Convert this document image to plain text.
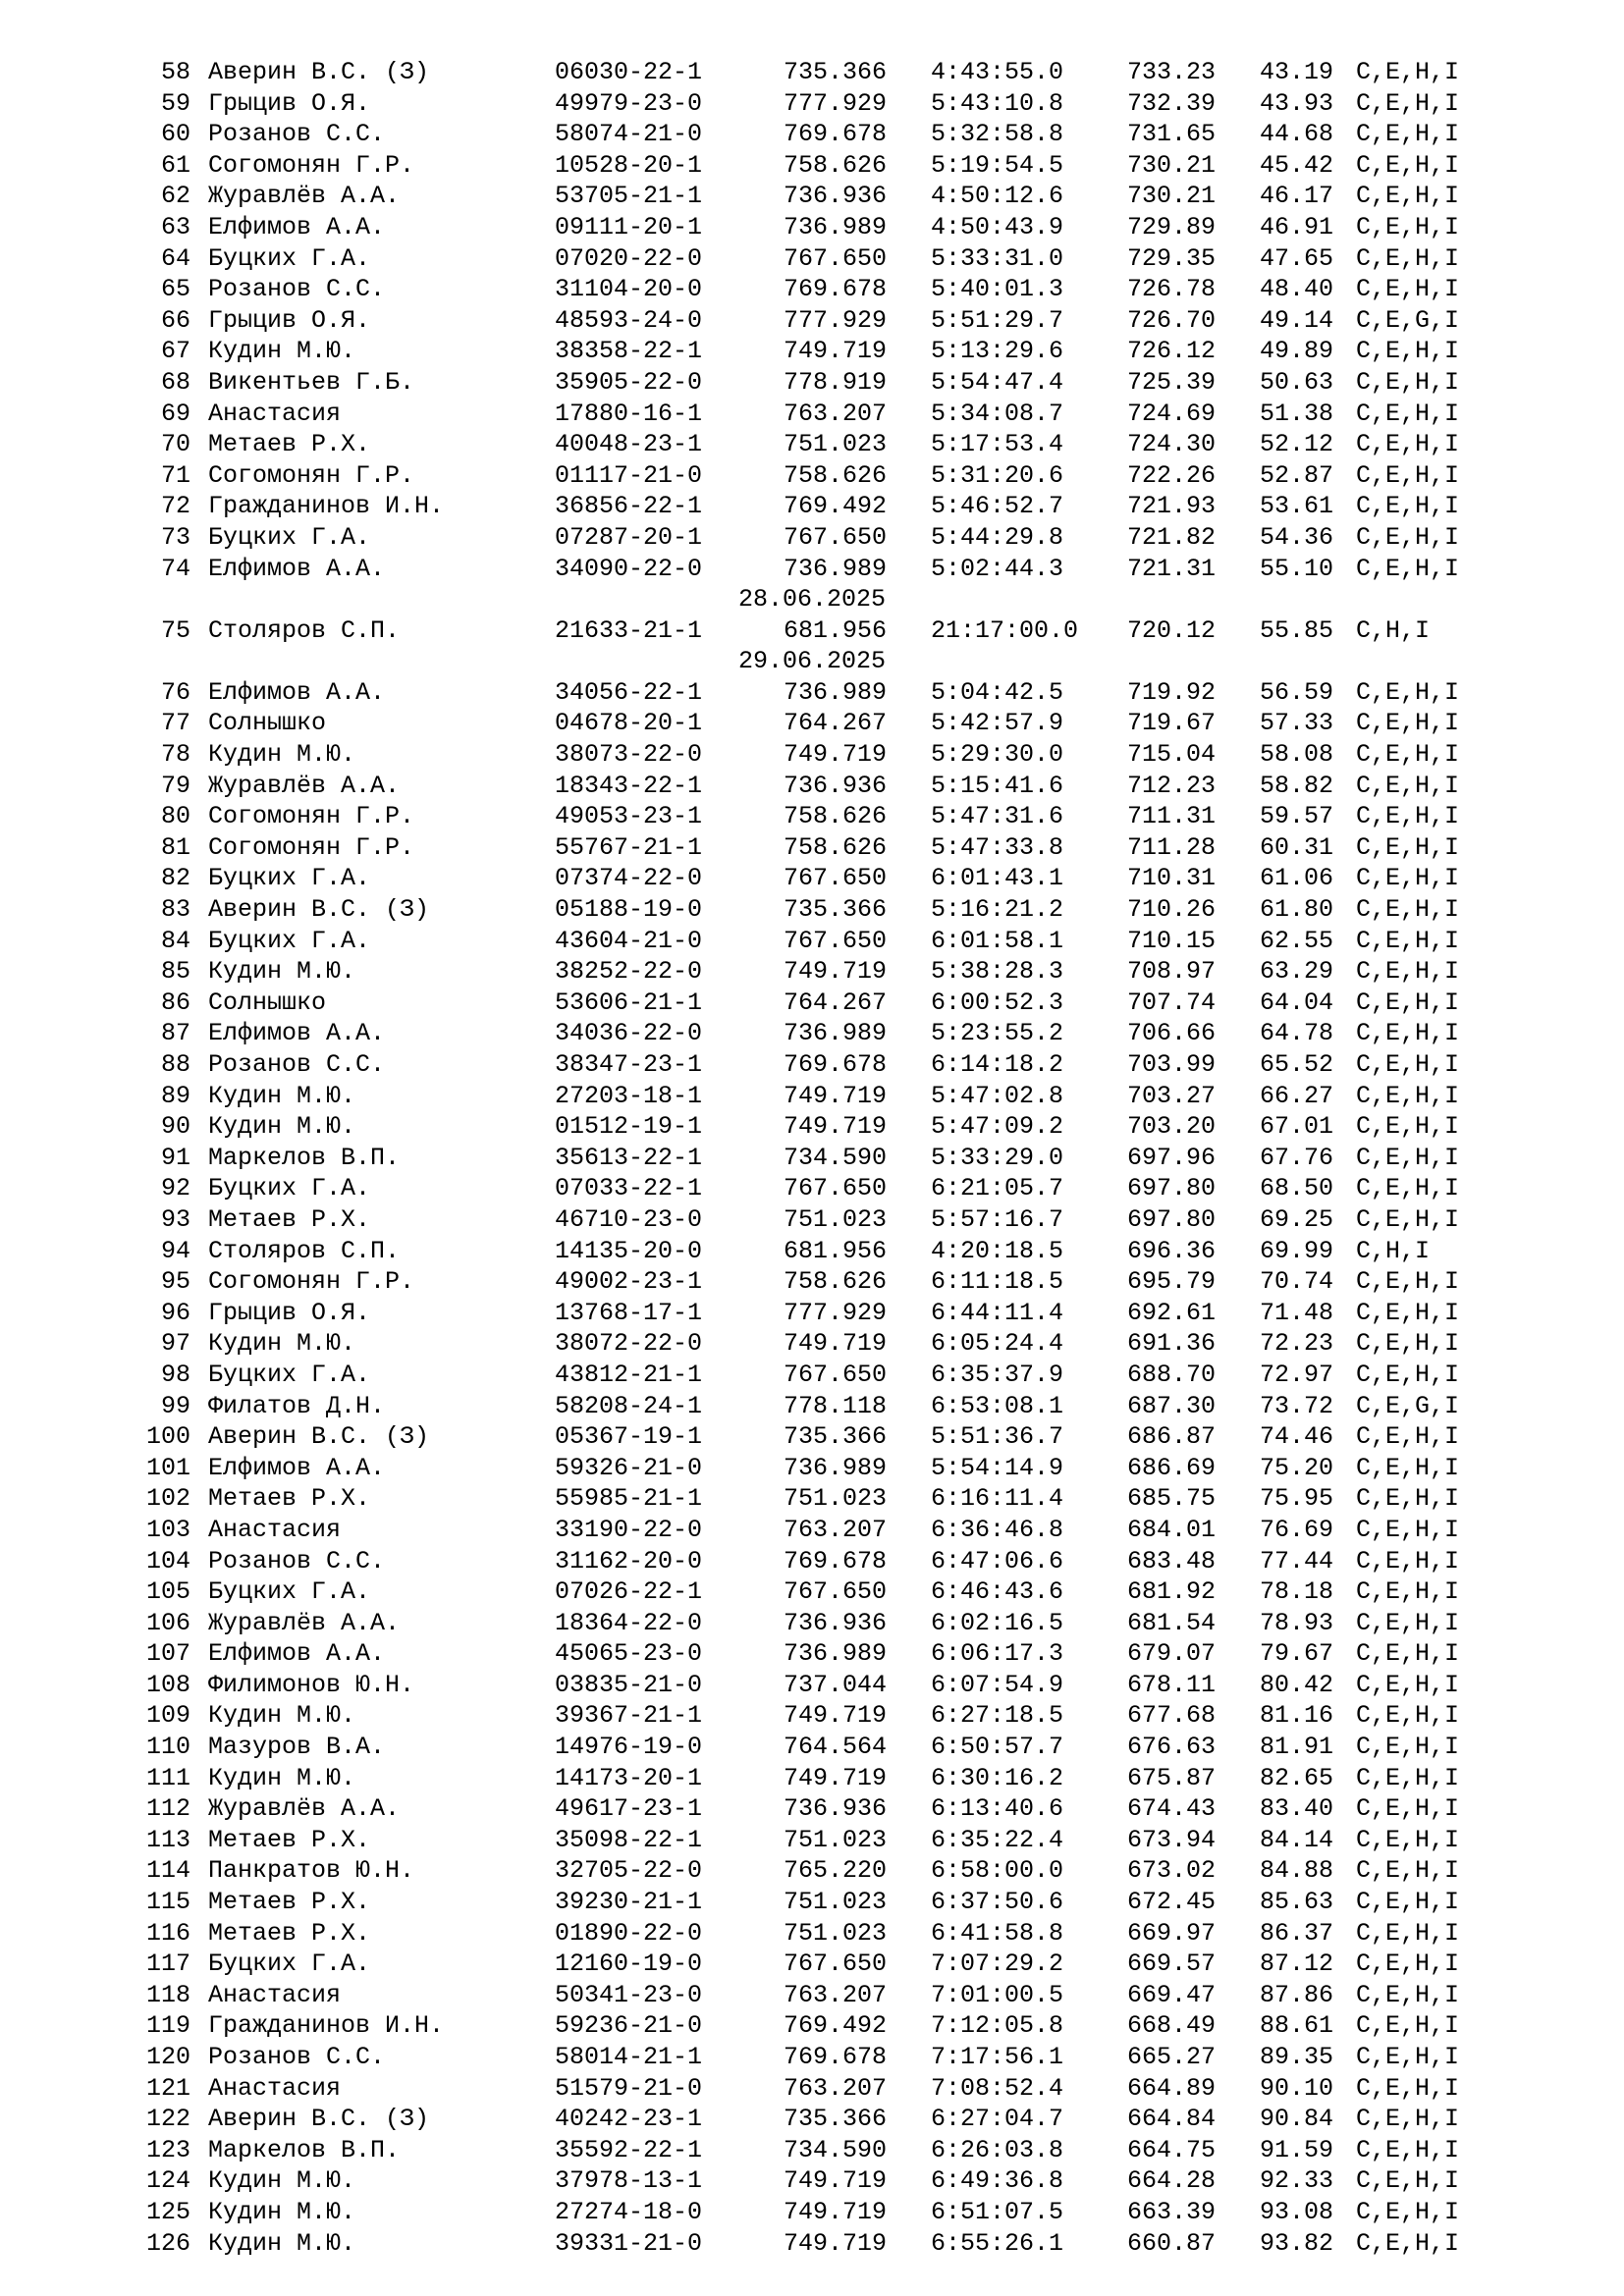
58 Аверин В.С. (З)	06030-22-1	735.366 4:43:55.0	733.23 43.19 C,E,H,I
59 Грыцив О.Я.	49979-23-0	777.929 5:43:10.8	732.39 43.93 C,E,H,I
60 Розанов С.С.	58074-21-0	769.678 5:32:58.8	731.65 44.68 C,E,H,I
61 Согомонян Г.Р.	10528-20-1	758.626 5:19:54.5	730.21 45.42 C,E,H,I
62 Журавлёв А.А.	53705-21-1	736.936 4:50:12.6	730.21 46.17 C,E,H,I
63 Елфимов А.А.	09111-20-1	736.989 4:50:43.9	729.89 46.91 C,E,H,I
64 Буцких Г.А.	07020-22-0	767.650 5:33:31.0	729.35 47.65 C,E,H,I
65 Розанов С.С.	31104-20-0	769.678 5:40:01.3	726.78 48.40 C,E,H,I
66 Грыцив О.Я.	48593-24-0	777.929 5:51:29.7	726.70 49.14 C,E,G,I
67 Кудин М.Ю.	38358-22-1	749.719 5:13:29.6	726.12 49.89 C,E,H,I
68 Викентьев Г.Б.	35905-22-0	778.919 5:54:47.4	725.39 50.63 C,E,H,I
69 Анастасия	17880-16-1	763.207 5:34:08.7	724.69 51.38 C,E,H,I
70 Метаев Р.Х.	40048-23-1	751.023 5:17:53.4	724.30 52.12 C,E,H,I
71 Согомонян Г.Р.	01117-21-0	758.626 5:31:20.6	722.26 52.87 C,E,H,I
72 Гражданинов И.Н.	36856-22-1	769.492 5:46:52.7	721.93 53.61 C,E,H,I
73 Буцких Г.А.	07287-20-1	767.650 5:44:29.8	721.82 54.36 C,E,H,I
74 Елфимов А.А.	34090-22-0	736.989 5:02:44.3	721.31 55.10 C,E,H,I
28.06.2025
75 Столяров С.П.	21633-21-1	681.956 21:17:00.0 720.12 55.85 C,H,I
29.06.2025
76 Елфимов А.А.	34056-22-1	736.989 5:04:42.5	719.92 56.59 C,E,H,I
77 Солнышко	04678-20-1	764.267 5:42:57.9	719.67 57.33 C,E,H,I
78 Кудин М.Ю.	38073-22-0	749.719 5:29:30.0	715.04 58.08 C,E,H,I
79 Журавлёв А.А.	18343-22-1	736.936 5:15:41.6	712.23 58.82 C,E,H,I
80 Согомонян Г.Р.	49053-23-1	758.626 5:47:31.6	711.31 59.57 C,E,H,I
81 Согомонян Г.Р.	55767-21-1	758.626 5:47:33.8	711.28 60.31 C,E,H,I
82 Буцких Г.А.	07374-22-0	767.650 6:01:43.1	710.31 61.06 C,E,H,I
83 Аверин В.С. (З)	05188-19-0	735.366 5:16:21.2	710.26 61.80 C,E,H,I
84 Буцких Г.А.	43604-21-0	767.650 6:01:58.1	710.15 62.55 C,E,H,I
85 Кудин М.Ю.	38252-22-0	749.719 5:38:28.3	708.97 63.29 C,E,H,I
86 Солнышко	53606-21-1	764.267 6:00:52.3	707.74 64.04 C,E,H,I
87 Елфимов А.А.	34036-22-0	736.989 5:23:55.2	706.66 64.78 C,E,H,I
88 Розанов С.С.	38347-23-1	769.678 6:14:18.2	703.99 65.52 C,E,H,I
89 Кудин М.Ю.	27203-18-1	749.719 5:47:02.8	703.27 66.27 C,E,H,I
90 Кудин М.Ю.	01512-19-1	749.719 5:47:09.2	703.20 67.01 C,E,H,I
91 Маркелов В.П.	35613-22-1	734.590 5:33:29.0	697.96 67.76 C,E,H,I
92 Буцких Г.А.	07033-22-1	767.650 6:21:05.7	697.80 68.50 C,E,H,I
93 Метаев Р.Х.	46710-23-0	751.023 5:57:16.7	697.80 69.25 C,E,H,I
94 Столяров С.П.	14135-20-0	681.956 4:20:18.5	696.36 69.99 C,H,I
95 Согомонян Г.Р.	49002-23-1	758.626 6:11:18.5	695.79 70.74 C,E,H,I
96 Грыцив О.Я.	13768-17-1	777.929 6:44:11.4	692.61 71.48 C,E,H,I
97 Кудин М.Ю.	38072-22-0	749.719 6:05:24.4	691.36 72.23 C,E,H,I
98 Буцких Г.А.	43812-21-1	767.650 6:35:37.9	688.70 72.97 C,E,H,I
99 Филатов Д.Н.	58208-24-1	778.118 6:53:08.1	687.30 73.72 C,E,G,I
100 Аверин В.С. (З)	05367-19-1	735.366 5:51:36.7	686.87 74.46 C,E,H,I
101 Елфимов А.А.	59326-21-0	736.989 5:54:14.9	686.69 75.20 C,E,H,I
102 Метаев Р.Х.	55985-21-1	751.023 6:16:11.4	685.75 75.95 C,E,H,I
103 Анастасия	33190-22-0	763.207 6:36:46.8	684.01 76.69 C,E,H,I
104 Розанов С.С.	31162-20-0	769.678 6:47:06.6	683.48 77.44 C,E,H,I
105 Буцких Г.А.	07026-22-1	767.650 6:46:43.6	681.92 78.18 C,E,H,I
106 Журавлёв А.А.	18364-22-0	736.936 6:02:16.5	681.54 78.93 C,E,H,I
107 Елфимов А.А.	45065-23-0	736.989 6:06:17.3	679.07 79.67 C,E,H,I
108 Филимонов Ю.Н.	03835-21-0	737.044 6:07:54.9	678.11 80.42 C,E,H,I
109 Кудин М.Ю.	39367-21-1	749.719 6:27:18.5	677.68 81.16 C,E,H,I
110 Мазуров В.А.	14976-19-0	764.564 6:50:57.7	676.63 81.91 C,E,H,I
111 Кудин М.Ю.	14173-20-1	749.719 6:30:16.2	675.87 82.65 C,E,H,I
112 Журавлёв А.А.	49617-23-1	736.936 6:13:40.6	674.43 83.40 C,E,H,I
113 Метаев Р.Х.	35098-22-1	751.023 6:35:22.4	673.94 84.14 C,E,H,I
114 Панкратов Ю.Н.	32705-22-0	765.220 6:58:00.0	673.02 84.88 C,E,H,I
115 Метаев Р.Х.	39230-21-1	751.023 6:37:50.6	672.45 85.63 C,E,H,I
116 Метаев Р.Х.	01890-22-0	751.023 6:41:58.8	669.97 86.37 C,E,H,I
117 Буцких Г.А.	12160-19-0	767.650 7:07:29.2	669.57 87.12 C,E,H,I
118 Анастасия	50341-23-0	763.207 7:01:00.5	669.47 87.86 C,E,H,I
119 Гражданинов И.Н.	59236-21-0	769.492 7:12:05.8	668.49 88.61 C,E,H,I
120 Розанов С.С.	58014-21-1	769.678 7:17:56.1	665.27 89.35 C,E,H,I
121 Анастасия	51579-21-0	763.207 7:08:52.4	664.89 90.10 C,E,H,I
122 Аверин В.С. (З)	40242-23-1	735.366 6:27:04.7	664.84 90.84 C,E,H,I
123 Маркелов В.П.	35592-22-1	734.590 6:26:03.8	664.75 91.59 C,E,H,I
124 Кудин М.Ю.	37978-13-1	749.719 6:49:36.8	664.28 92.33 C,E,H,I
125 Кудин М.Ю.	27274-18-0	749.719 6:51:07.5	663.39 93.08 C,E,H,I
126 Кудин М.Ю.	39331-21-0	749.719 6:55:26.1	660.87 93.82 C,E,H,I
